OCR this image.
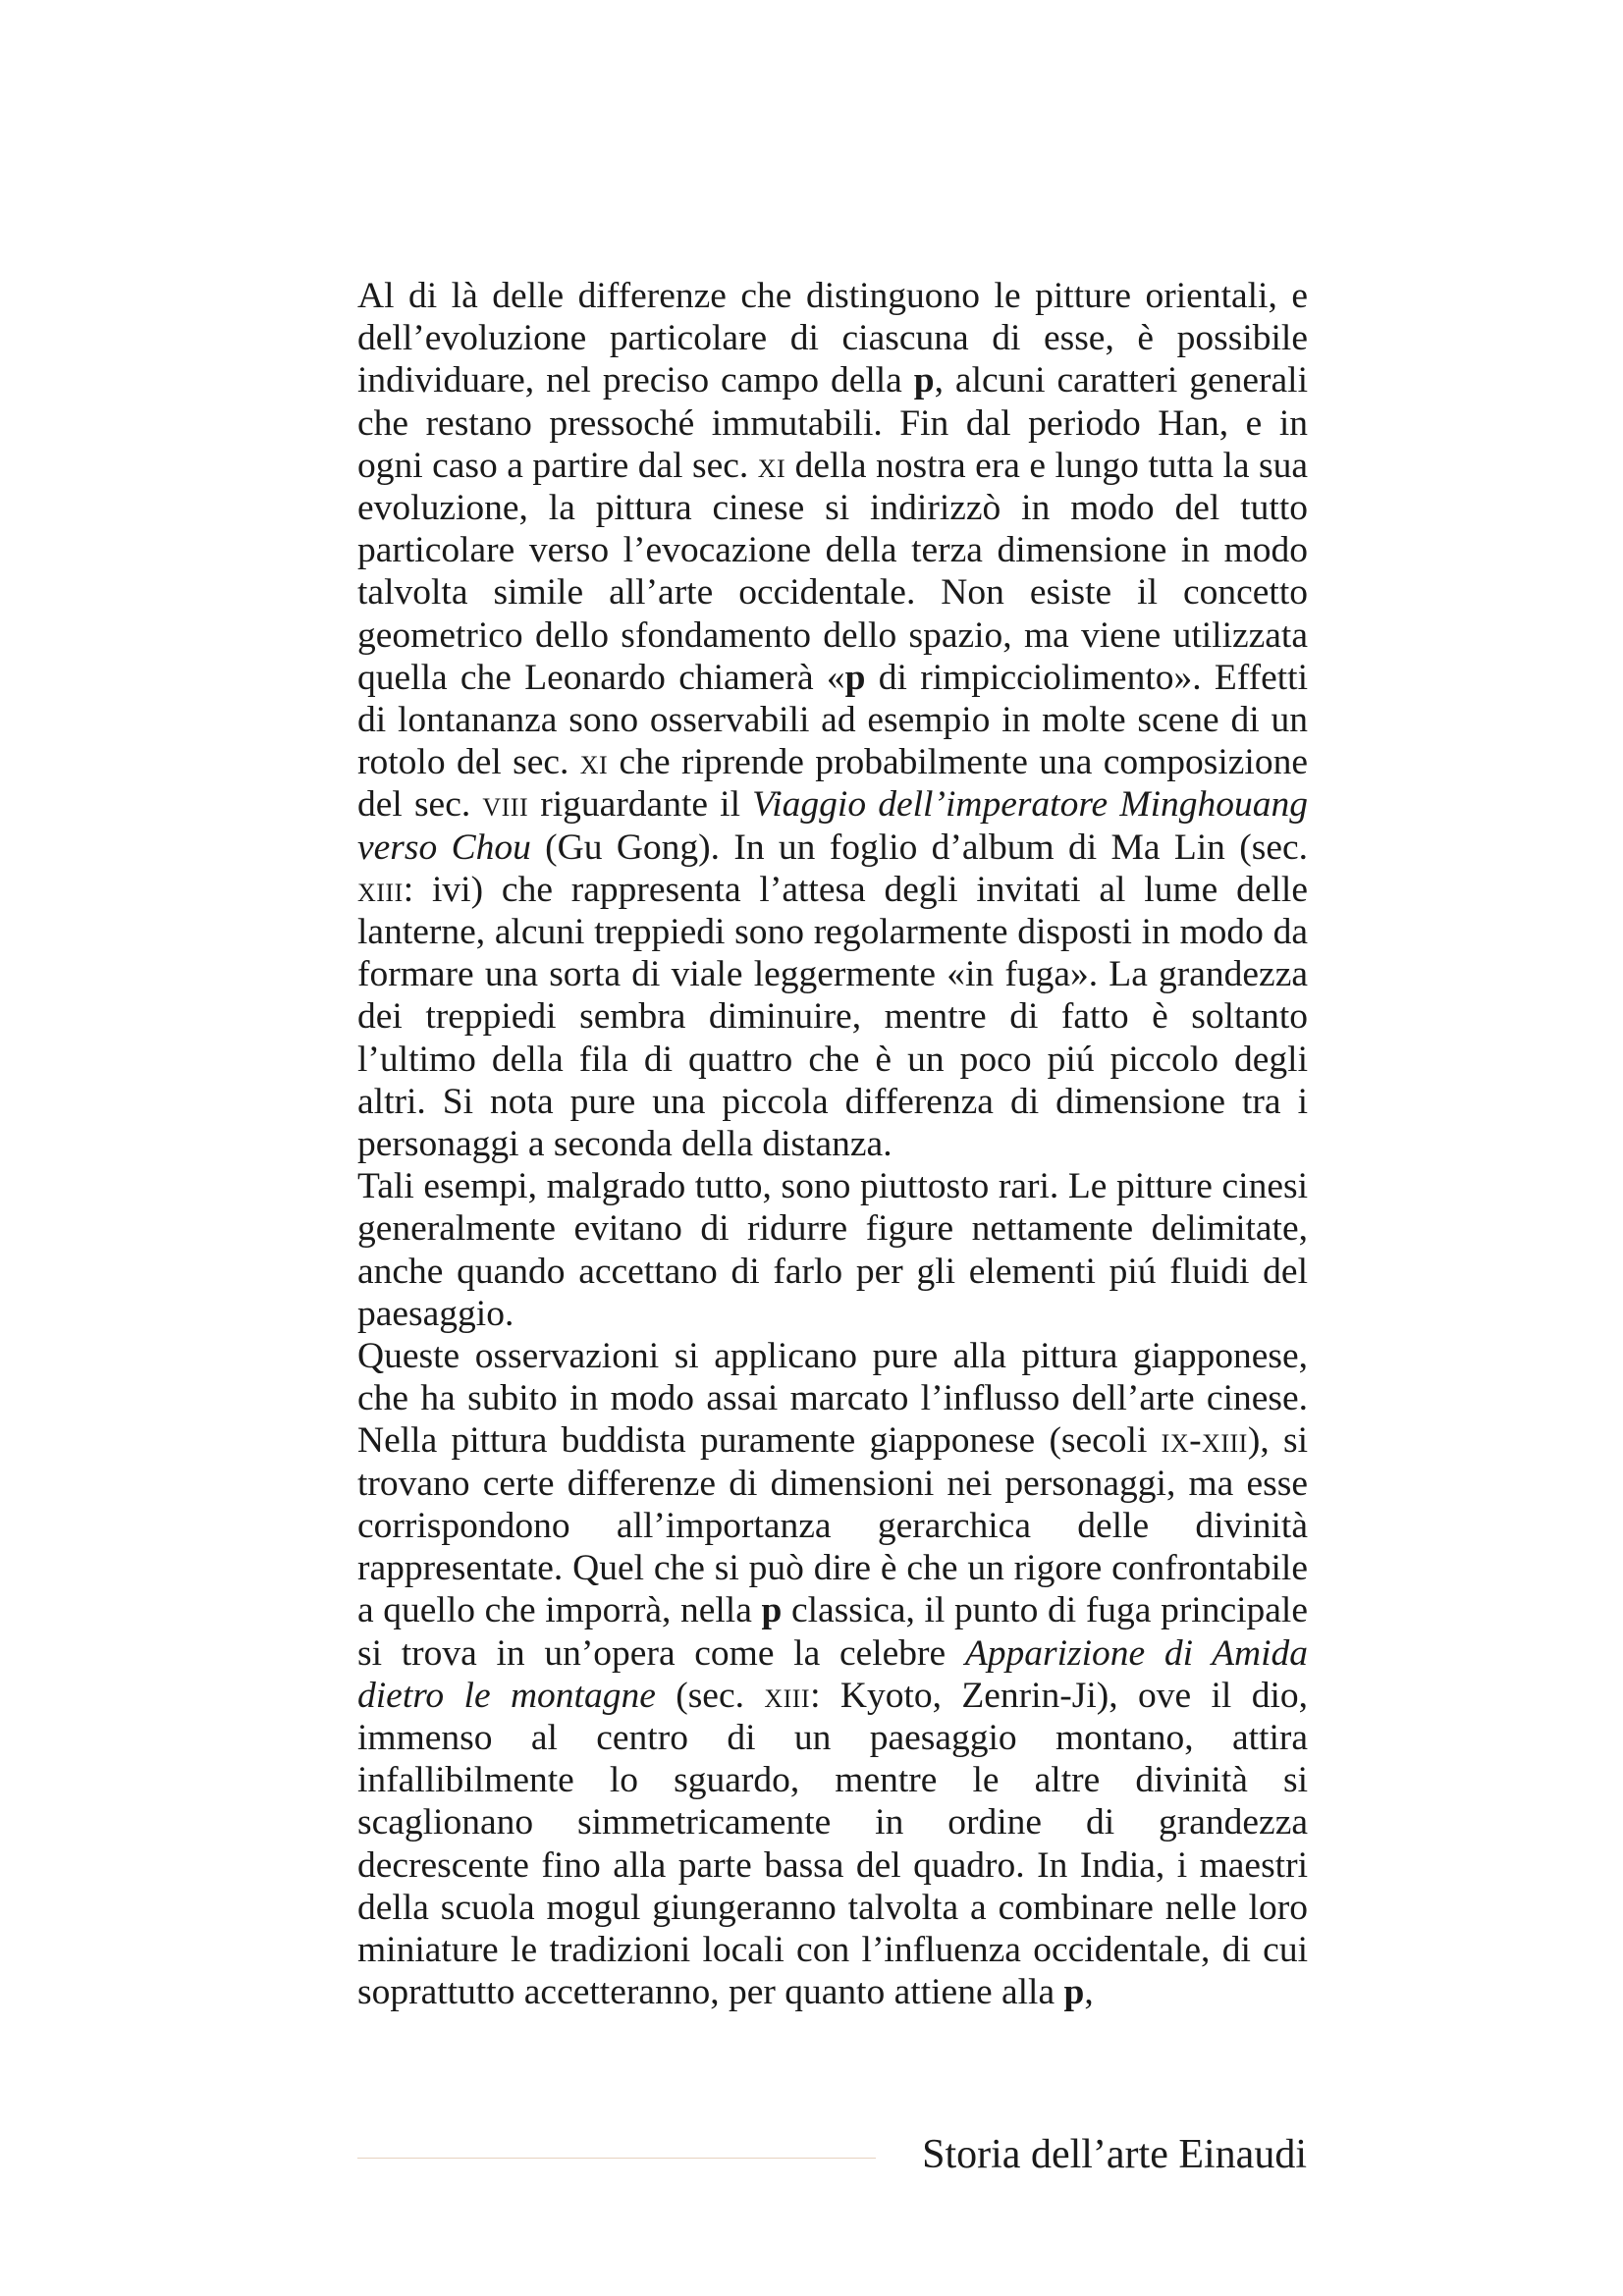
Al di là delle differenze che distinguono le pitture orientali, e dell’evoluzione particolare di ciascuna di esse, è possibile individuare, nel preciso campo della p, alcuni caratteri generali che restano pressoché immutabili. Fin dal periodo Han, e in ogni caso a partire dal sec. xi della nostra era e lungo tutta la sua evoluzione, la pittura cinese si indirizzò in modo del tutto particolare verso l’evocazione della terza dimensione in modo talvolta simile all’arte occidentale. Non esiste il concetto geometrico dello sfondamento dello spazio, ma viene utilizzata quella che Leonardo chiamerà «p di rimpicciolimento». Effetti di lontananza sono osservabili ad esempio in molte scene di un rotolo del sec. xi che riprende probabilmente una composizione del sec. viii riguardante il Viaggio dell’imperatore Minghouang verso Chou (Gu Gong). In un foglio d’album di Ma Lin (sec. xiii: ivi) che rappresenta l’attesa degli invitati al lume delle lanterne, alcuni treppiedi sono regolarmente disposti in modo da formare una sorta di viale leggermente «in fuga». La grandezza dei treppiedi sembra diminuire, mentre di fatto è soltanto l’ultimo della fila di quattro che è un poco piú piccolo degli altri. Si nota pure una piccola differenza di dimensione tra i personaggi a seconda della distanza.

Tali esempi, malgrado tutto, sono piuttosto rari. Le pitture cinesi generalmente evitano di ridurre figure nettamente delimitate, anche quando accettano di farlo per gli elementi piú fluidi del paesaggio.

Queste osservazioni si applicano pure alla pittura giapponese, che ha subito in modo assai marcato l’influsso dell’arte cinese. Nella pittura buddista puramente giapponese (secoli ix-xiii), si trovano certe differenze di dimensioni nei personaggi, ma esse corrispondono all’importanza gerarchica delle divinità rappresentate. Quel che si può dire è che un rigore confrontabile a quello che imporrà, nella p classica, il punto di fuga principale si trova in un’opera come la celebre Apparizione di Amida dietro le montagne (sec. xiii: Kyoto, Zenrin-Ji), ove il dio, immenso al centro di un paesaggio montano, attira infallibilmente lo sguardo, mentre le altre divinità si scaglionano simmetricamente in ordine di grandezza decrescente fino alla parte bassa del quadro. In India, i maestri della scuola mogul giungeranno talvolta a combinare nelle loro miniature le tradizioni locali con l’influenza occidentale, di cui soprattutto accetteranno, per quanto attiene alla p,

Storia dell’arte Einaudi
